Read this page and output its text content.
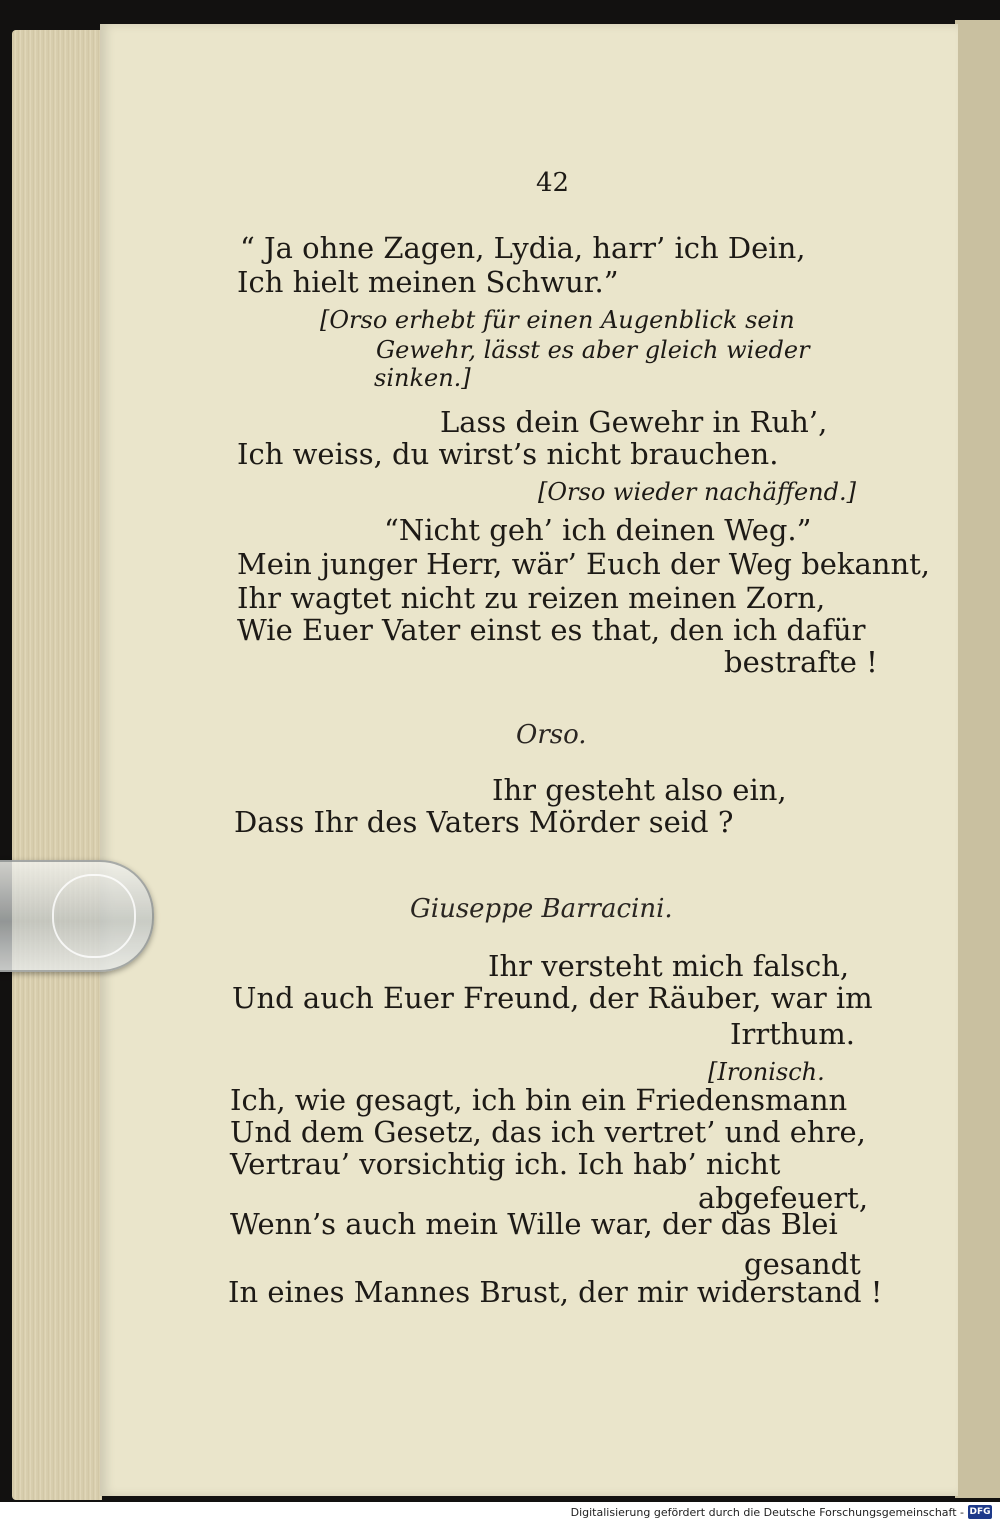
42
“ Ja ohne Zagen, Lydia, harr’ ich Dein,
Ich hielt meinen Schwur.”
[Orso erhebt für einen Augenblick sein
Gewehr, lässt es aber gleich wieder
sinken.]
Lass dein Gewehr in Ruh’,
Ich weiss, du wirst’s nicht brauchen.
[Orso wieder nachäffend.]
“Nicht geh’ ich deinen Weg.”
Mein junger Herr, wär’ Euch der Weg bekannt,
Ihr wagtet nicht zu reizen meinen Zorn,
Wie Euer Vater einst es that, den ich dafür
bestrafte !
Orso.
Ihr gesteht also ein,
Dass Ihr des Vaters Mörder seid ?
Giuseppe Barracini.
Ihr versteht mich falsch,
Und auch Euer Freund, der Räuber, war im
Irrthum.
[Ironisch.
Ich, wie gesagt, ich bin ein Friedensmann
Und dem Gesetz, das ich vertret’ und ehre,
Vertrau’ vorsichtig ich. Ich hab’ nicht
abgefeuert,
Wenn’s auch mein Wille war, der das Blei
gesandt
In eines Mannes Brust, der mir widerstand !
Digitalisierung gefördert durch die Deutsche Forschungsgemeinschaft - DFG
